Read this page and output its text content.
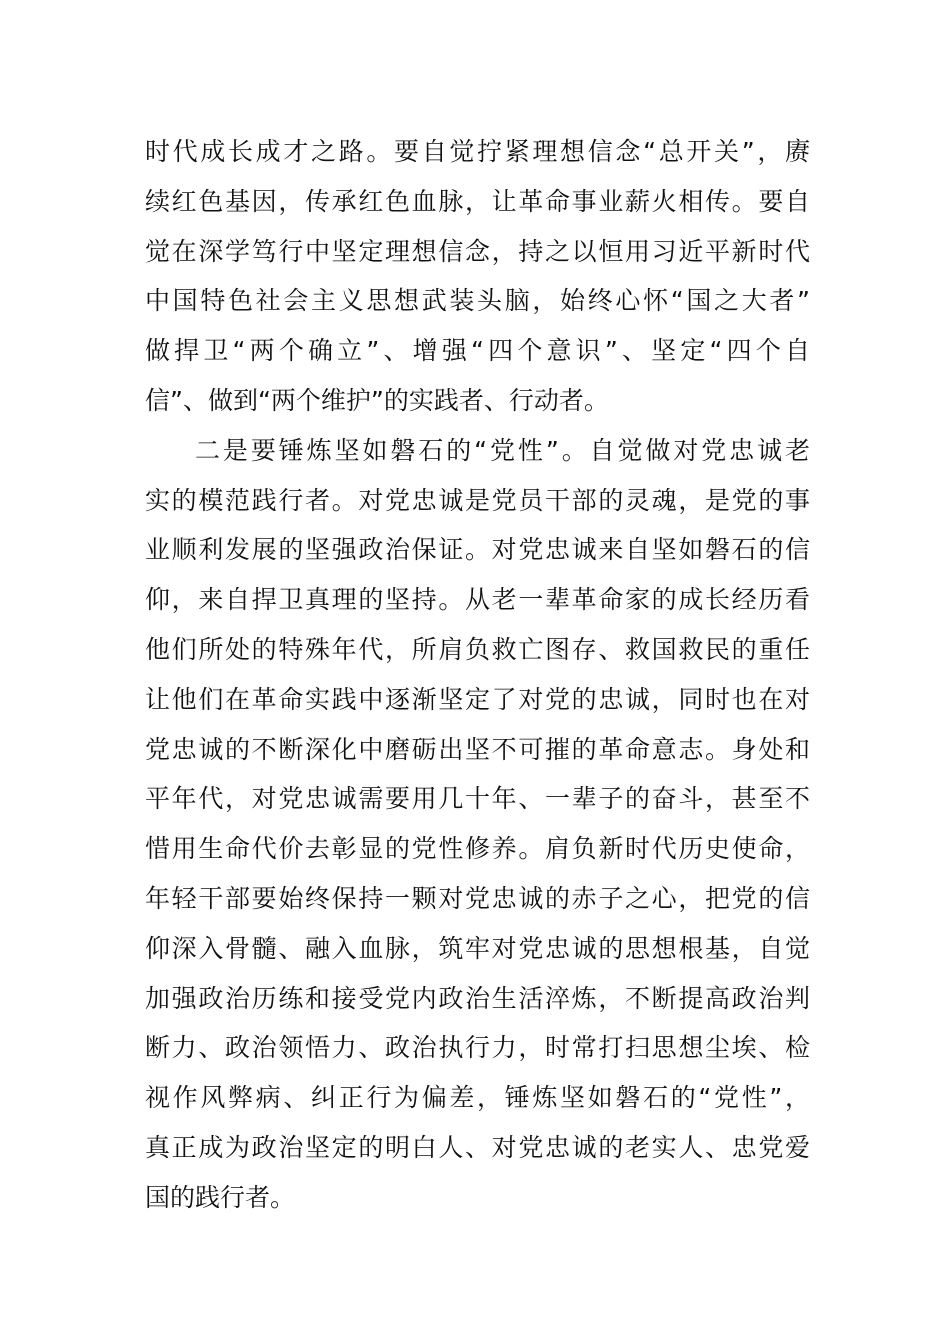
时代成长成才之路。要自觉拧紧理想信念“总开关”，赓
续红色基因，传承红色血脉，让革命事业薪火相传。要自
觉在深学笃行中坚定理想信念，持之以恒用习近平新时代
中国特色社会主义思想武装头脑，始终心怀“国之大者”
做捍卫“两个确立”、增强“四个意识”、坚定“四个自
信”、做到“两个维护”的实践者、行动者。
二是要锤炼坚如磐石的“党性”。自觉做对党忠诚老
实的模范践行者。对党忠诚是党员干部的灵魂，是党的事
业顺利发展的坚强政治保证。对党忠诚来自坚如磐石的信
仰，来自捍卫真理的坚持。从老一辈革命家的成长经历看
他们所处的特殊年代，所肩负救亡图存、救国救民的重任
让他们在革命实践中逐渐坚定了对党的忠诚，同时也在对
党忠诚的不断深化中磨砺出坚不可摧的革命意志。身处和
平年代，对党忠诚需要用几十年、一辈子的奋斗，甚至不
惜用生命代价去彰显的党性修养。肩负新时代历史使命，
年轻干部要始终保持一颗对党忠诚的赤子之心，把党的信
仰深入骨髓、融入血脉，筑牢对党忠诚的思想根基，自觉
加强政治历练和接受党内政治生活淬炼，不断提高政治判
断力、政治领悟力、政治执行力，时常打扫思想尘埃、检
视作风弊病、纠正行为偏差，锤炼坚如磐石的“党性”，
真正成为政治坚定的明白人、对党忠诚的老实人、忠党爱
国的践行者。
